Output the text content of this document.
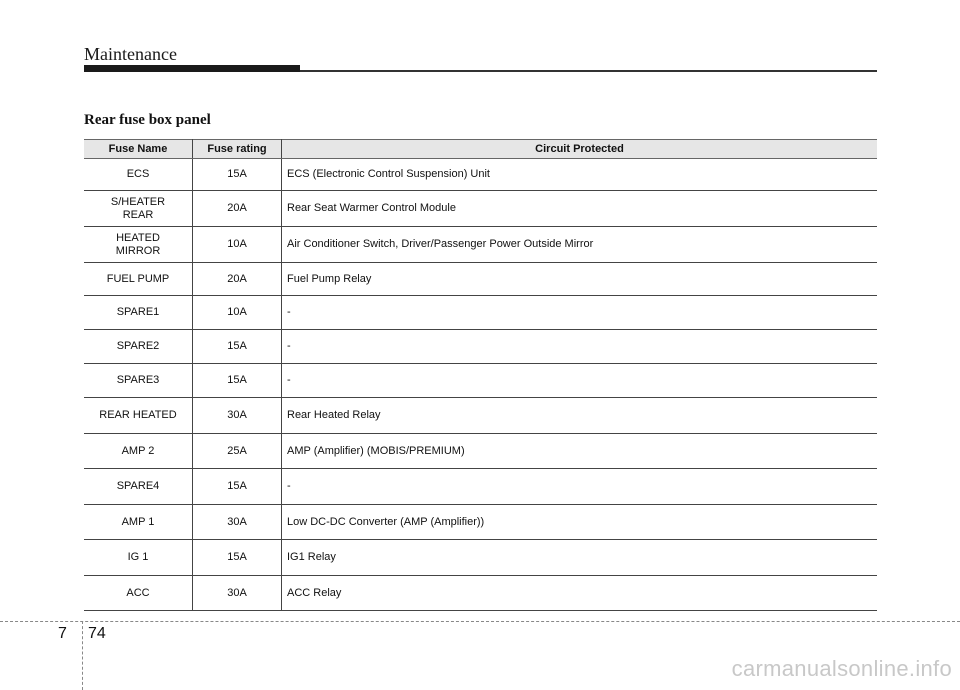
Maintenance
Rear fuse box panel
Fuse Name	Fuse rating	Circuit Protected
ECS	15A	ECS (Electronic Control Suspension) Unit
S/HEATER
REAR	20A	Rear Seat Warmer Control Module
HEATED
MIRROR	10A	Air Conditioner Switch, Driver/Passenger Power Outside Mirror
FUEL PUMP	20A	Fuel Pump Relay
SPARE1	10A	-
SPARE2	15A	-
SPARE3	15A	-
REAR HEATED	30A	Rear Heated Relay
AMP 2	25A	AMP (Amplifier) (MOBIS/PREMIUM)
SPARE4	15A	-
AMP 1	30A	Low DC-DC Converter (AMP (Amplifier))
IG 1	15A	IG1 Relay
ACC	30A	ACC Relay
7 74
carmanualsonline.info
